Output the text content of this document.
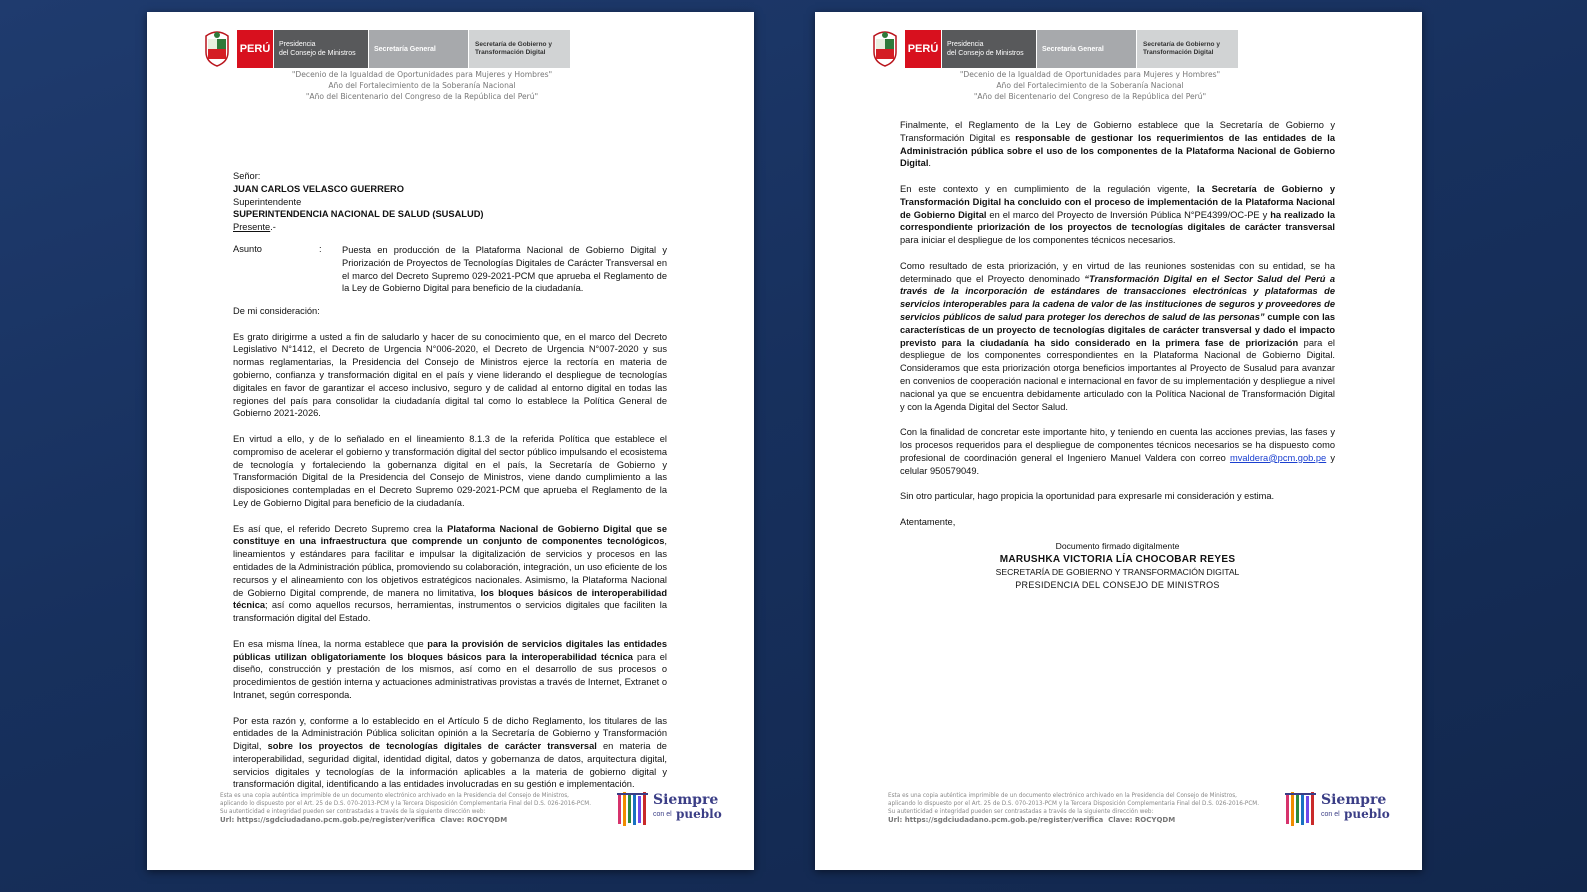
PERÚ	Presidencia
del Consejo de Ministros
Secretaría General
Secretaría de Gobierno y
Transformación Digital
"Decenio de la Igualdad de Oportunidades para Mujeres y Hombres"
Año del Fortalecimiento de la Soberanía Nacional
"Año del Bicentenario del Congreso de la República del Perú"
Señor:
JUAN CARLOS VELASCO GUERRERO
Superintendente
SUPERINTENDENCIA NACIONAL DE SALUD (SUSALUD)
Presente.-
Asunto	: Puesta en producción de la Plataforma Nacional de Gobierno Digital y Priorización de Proyectos de Tecnologías Digitales de Carácter Transversal en el marco del Decreto Supremo 029-2021-PCM que aprueba el Reglamento de la Ley de Gobierno Digital para beneficio de la ciudadanía.

De mi consideración:

Es grato dirigirme a usted a fin de saludarlo y hacer de su conocimiento que, en el marco del Decreto Legislativo N°1412, el Decreto de Urgencia N°006-2020, el Decreto de Urgencia N°007-2020 y sus normas reglamentarias, la Presidencia del Consejo de Ministros ejerce la rectoría en materia de gobierno, confianza y transformación digital en el país y viene liderando el despliegue de tecnologías digitales en favor de garantizar el acceso inclusivo, seguro y de calidad al entorno digital en todas las regiones del país para consolidar la ciudadanía digital tal como lo establece la Política General de Gobierno 2021-2026.

En virtud a ello, y de lo señalado en el lineamiento 8.1.3 de la referida Política que establece el compromiso de acelerar el gobierno y transformación digital del sector público impulsando el ecosistema de tecnología y fortaleciendo la gobernanza digital en el país, la Secretaría de Gobierno y Transformación Digital de la Presidencia del Consejo de Ministros, viene dando cumplimiento a las disposiciones contempladas en el Decreto Supremo 029-2021-PCM que aprueba el Reglamento de la Ley de Gobierno Digital para beneficio de la ciudadanía.

Es así que, el referido Decreto Supremo crea la Plataforma Nacional de Gobierno Digital que se constituye en una infraestructura que comprende un conjunto de componentes tecnológicos, lineamientos y estándares para facilitar e impulsar la digitalización de servicios y procesos en las entidades de la Administración pública, promoviendo su colaboración, integración, un uso eficiente de los recursos y el alineamiento con los objetivos estratégicos nacionales. Asimismo, la Plataforma Nacional de Gobierno Digital comprende, de manera no limitativa, los bloques básicos de interoperabilidad técnica; así como aquellos recursos, herramientas, instrumentos o servicios digitales que faciliten la transformación digital del Estado.

En esa misma línea, la norma establece que para la provisión de servicios digitales las entidades públicas utilizan obligatoriamente los bloques básicos para la interoperabilidad técnica para el diseño, construcción y prestación de los mismos, así como en el desarrollo de sus procesos o procedimientos de gestión interna y actuaciones administrativas provistas a través de Internet, Extranet o Intranet, según corresponda.

Por esta razón y, conforme a lo establecido en el Artículo 5 de dicho Reglamento, los titulares de las entidades de la Administración Pública solicitan opinión a la Secretaría de Gobierno y Transformación Digital, sobre los proyectos de tecnologías digitales de carácter transversal en materia de interoperabilidad, seguridad digital, identidad digital, datos y gobernanza de datos, arquitectura digital, servicios digitales y tecnologías de la información aplicables a la materia de gobierno digital y transformación digital, identificando a las entidades involucradas en su gestión e implementación.

Esta es una copia auténtica imprimible de un documento electrónico archivado en la Presidencia del Consejo de Ministros, aplicando lo dispuesto por el Art. 25 de D.S. 070-2013-PCM y la Tercera Disposición Complementaria Final del D.S. 026-2016-PCM. Su autenticidad e integridad pueden ser contrastadas a través de la siguiente dirección web:
Url: https://sgdciudadano.pcm.gob.pe/register/verifica Clave: ROCYQDM
Siempre
con el pueblo
PERÚ	Presidencia
del Consejo de Ministros
Secretaría General
Secretaría de Gobierno y
Transformación Digital
"Decenio de la Igualdad de Oportunidades para Mujeres y Hombres"
Año del Fortalecimiento de la Soberanía Nacional
"Año del Bicentenario del Congreso de la República del Perú"

Finalmente, el Reglamento de la Ley de Gobierno establece que la Secretaría de Gobierno y Transformación Digital es responsable de gestionar los requerimientos de las entidades de la Administración pública sobre el uso de los componentes de la Plataforma Nacional de Gobierno Digital.

En este contexto y en cumplimiento de la regulación vigente, la Secretaría de Gobierno y Transformación Digital ha concluido con el proceso de implementación de la Plataforma Nacional de Gobierno Digital en el marco del Proyecto de Inversión Pública N°PE4399/OC-PE y ha realizado la correspondiente priorización de los proyectos de tecnologías digitales de carácter transversal para iniciar el despliegue de los componentes técnicos necesarios.

Como resultado de esta priorización, y en virtud de las reuniones sostenidas con su entidad, se ha determinado que el Proyecto denominado “Transformación Digital en el Sector Salud del Perú a través de la incorporación de estándares de transacciones electrónicas y plataformas de servicios interoperables para la cadena de valor de las instituciones de seguros y proveedores de servicios públicos de salud para proteger los derechos de salud de las personas” cumple con las características de un proyecto de tecnologías digitales de carácter transversal y dado el impacto previsto para la ciudadanía ha sido considerado en la primera fase de priorización para el despliegue de los componentes correspondientes en la Plataforma Nacional de Gobierno Digital. Consideramos que esta priorización otorga beneficios importantes al Proyecto de Susalud para avanzar en convenios de cooperación nacional e internacional en favor de su implementación y despliegue a nivel nacional ya que se encuentra debidamente articulado con la Política Nacional de Transformación Digital y con la Agenda Digital del Sector Salud.

Con la finalidad de concretar este importante hito, y teniendo en cuenta las acciones previas, las fases y los procesos requeridos para el despliegue de componentes técnicos necesarios se ha dispuesto como profesional de coordinación general el Ingeniero Manuel Valdera con correo mvaldera@pcm.gob.pe y celular 950579049.

Sin otro particular, hago propicia la oportunidad para expresarle mi consideración y estima.

Atentamente,

Documento firmado digitalmente
MARUSHKA VICTORIA LÍA CHOCOBAR REYES
SECRETARÍA DE GOBIERNO Y TRANSFORMACIÓN DIGITAL
PRESIDENCIA DEL CONSEJO DE MINISTROS
Esta es una copia auténtica imprimible de un documento electrónico archivado en la Presidencia del Consejo de Ministros, aplicando lo dispuesto por el Art. 25 de D.S. 070-2013-PCM y la Tercera Disposición Complementaria Final del D.S. 026-2016-PCM. Su autenticidad e integridad pueden ser contrastadas a través de la siguiente dirección web:
Url: https://sgdciudadano.pcm.gob.pe/register/verifica Clave: ROCYQDM
Siempre
con el pueblo
